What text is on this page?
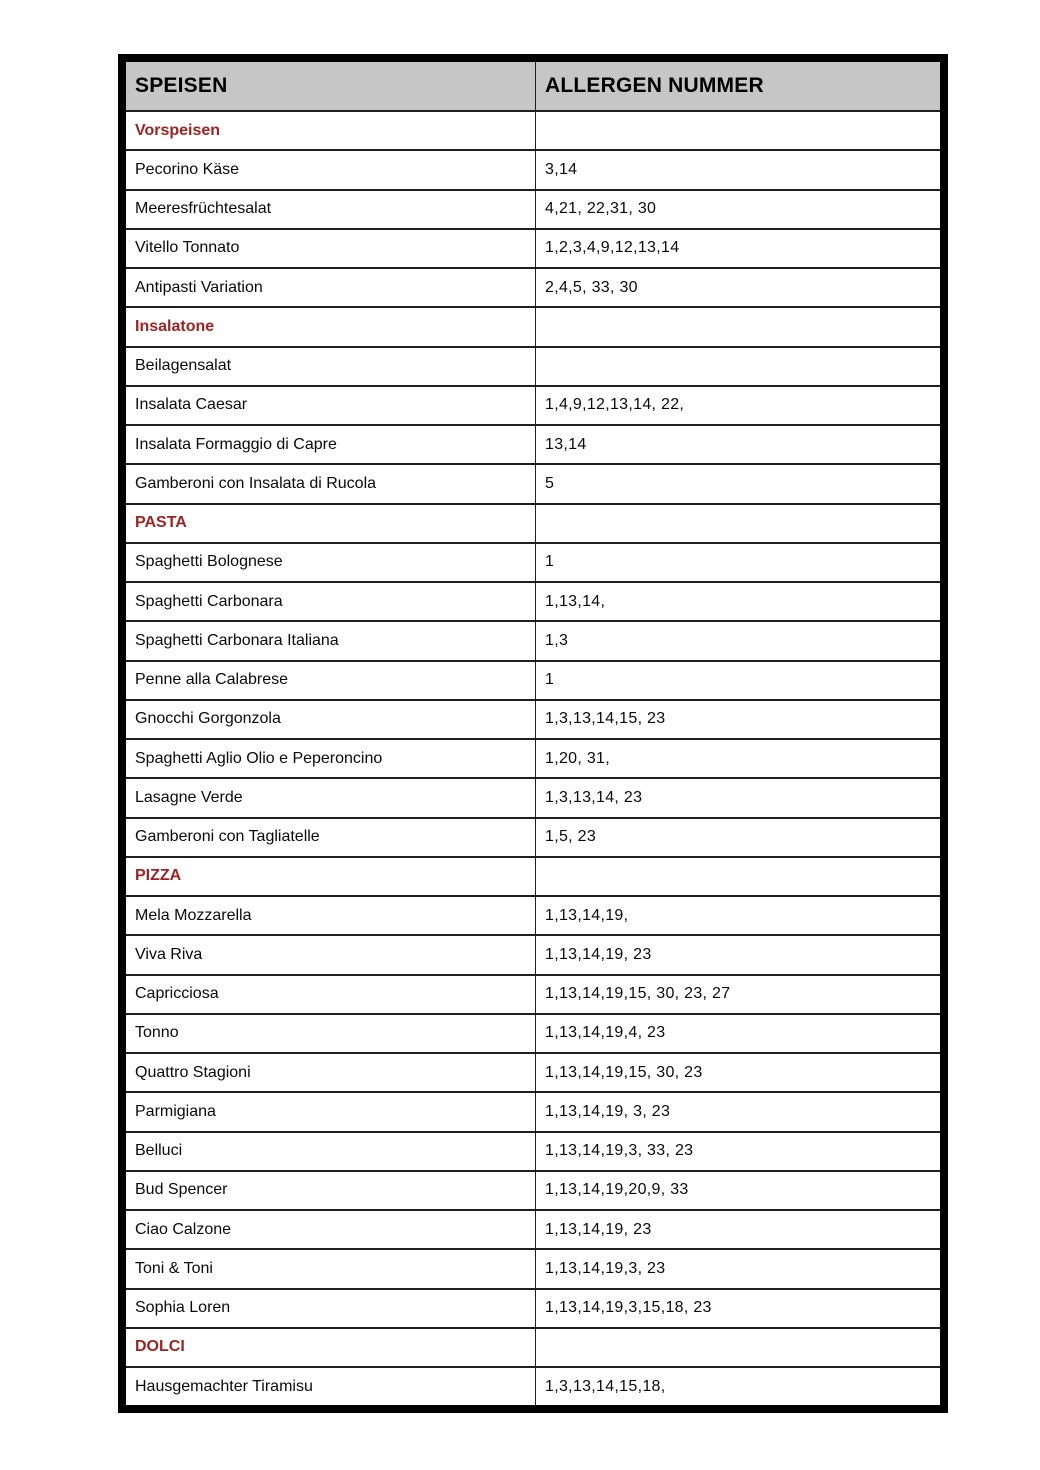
SPEISEN	ALLERGEN NUMMER
Vorspeisen
Pecorino Käse	3,14
Meeresfrüchtesalat	4,21, 22,31, 30
Vitello Tonnato	1,2,3,4,9,12,13,14
Antipasti Variation	2,4,5, 33, 30
Insalatone
Beilagensalat
Insalata Caesar	1,4,9,12,13,14, 22,
Insalata Formaggio di Capre	13,14
Gamberoni con Insalata di Rucola	5
PASTA
Spaghetti Bolognese	1
Spaghetti Carbonara	1,13,14,
Spaghetti Carbonara Italiana	1,3
Penne alla Calabrese	1
Gnocchi Gorgonzola	1,3,13,14,15, 23
Spaghetti Aglio Olio e Peperoncino	1,20, 31,
Lasagne Verde	1,3,13,14, 23
Gamberoni con Tagliatelle	1,5, 23
PIZZA
Mela Mozzarella	1,13,14,19,
Viva Riva	1,13,14,19, 23
Capricciosa	1,13,14,19,15, 30, 23, 27
Tonno	1,13,14,19,4, 23
Quattro Stagioni	1,13,14,19,15, 30, 23
Parmigiana	1,13,14,19, 3, 23
Belluci	1,13,14,19,3, 33, 23
Bud Spencer	1,13,14,19,20,9, 33
Ciao Calzone	1,13,14,19, 23
Toni & Toni	1,13,14,19,3, 23
Sophia Loren	1,13,14,19,3,15,18, 23
DOLCI
Hausgemachter Tiramisu	1,3,13,14,15,18,
